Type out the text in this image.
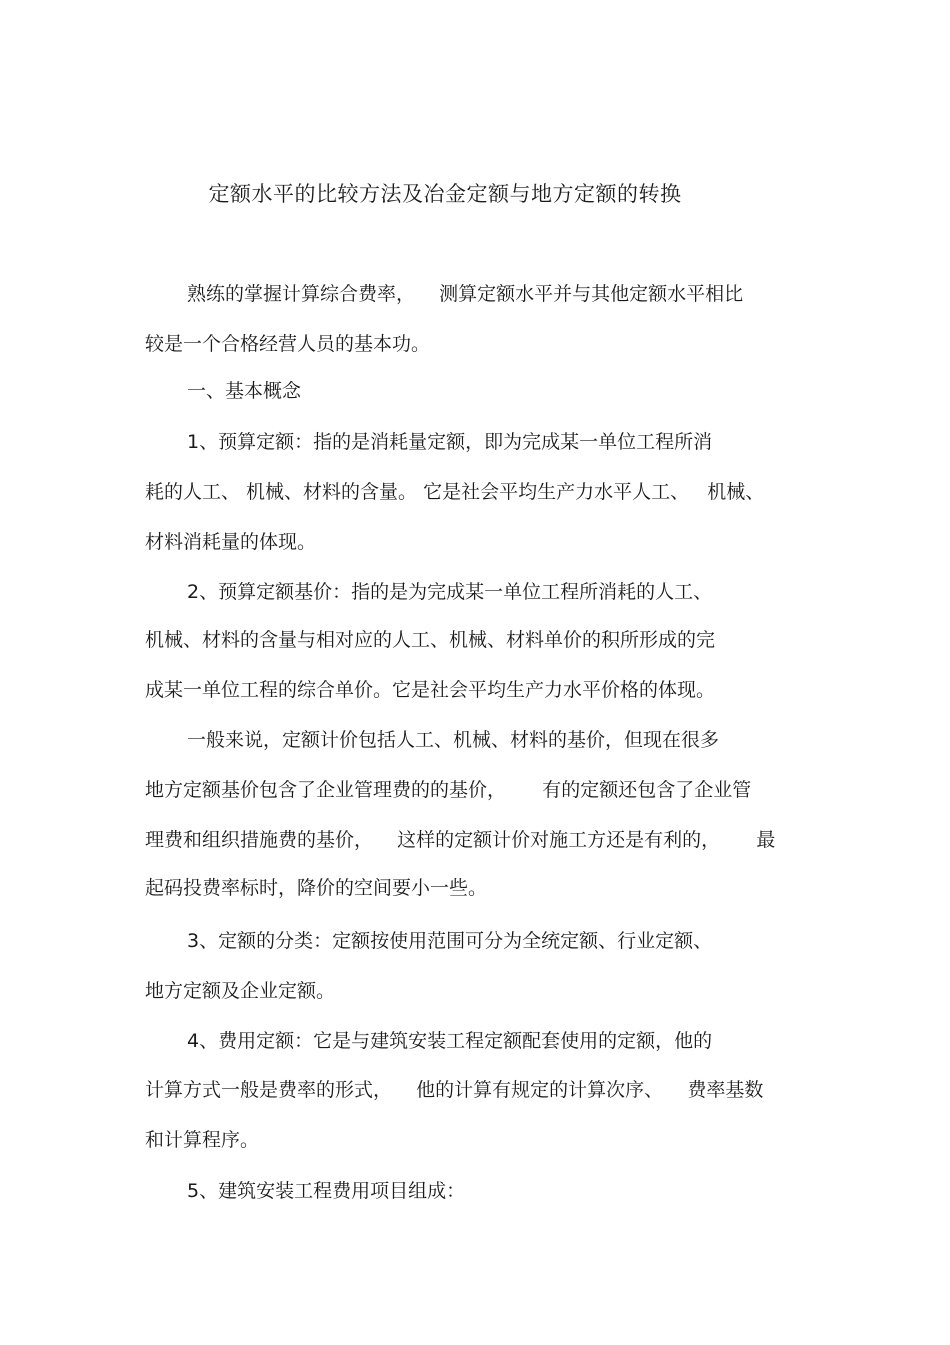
定额水平的比较方法及冶金定额与地方定额的转换

熟练的掌握计算综合费率，    测算定额水平并与其他定额水平相比

较是一个合格经营人员的基本功。

一、基本概念

1、预算定额：指的是消耗量定额，即为完成某一单位工程所消

耗的人工、 机械、材料的含量。 它是社会平均生产力水平人工、   机械、

材料消耗量的体现。

2、预算定额基价：指的是为完成某一单位工程所消耗的人工、

机械、材料的含量与相对应的人工、机械、材料单价的积所形成的完

成某一单位工程的综合单价。它是社会平均生产力水平价格的体现。

一般来说，定额计价包括人工、机械、材料的基价，但现在很多

地方定额基价包含了企业管理费的的基价，      有的定额还包含了企业管

理费和组织措施费的基价，    这样的定额计价对施工方还是有利的，      最

起码投费率标时，降价的空间要小一些。

3、定额的分类：定额按使用范围可分为全统定额、行业定额、

地方定额及企业定额。

4、费用定额：它是与建筑安装工程定额配套使用的定额，他的

计算方式一般是费率的形式，    他的计算有规定的计算次序、    费率基数

和计算程序。

5、建筑安装工程费用项目组成：
